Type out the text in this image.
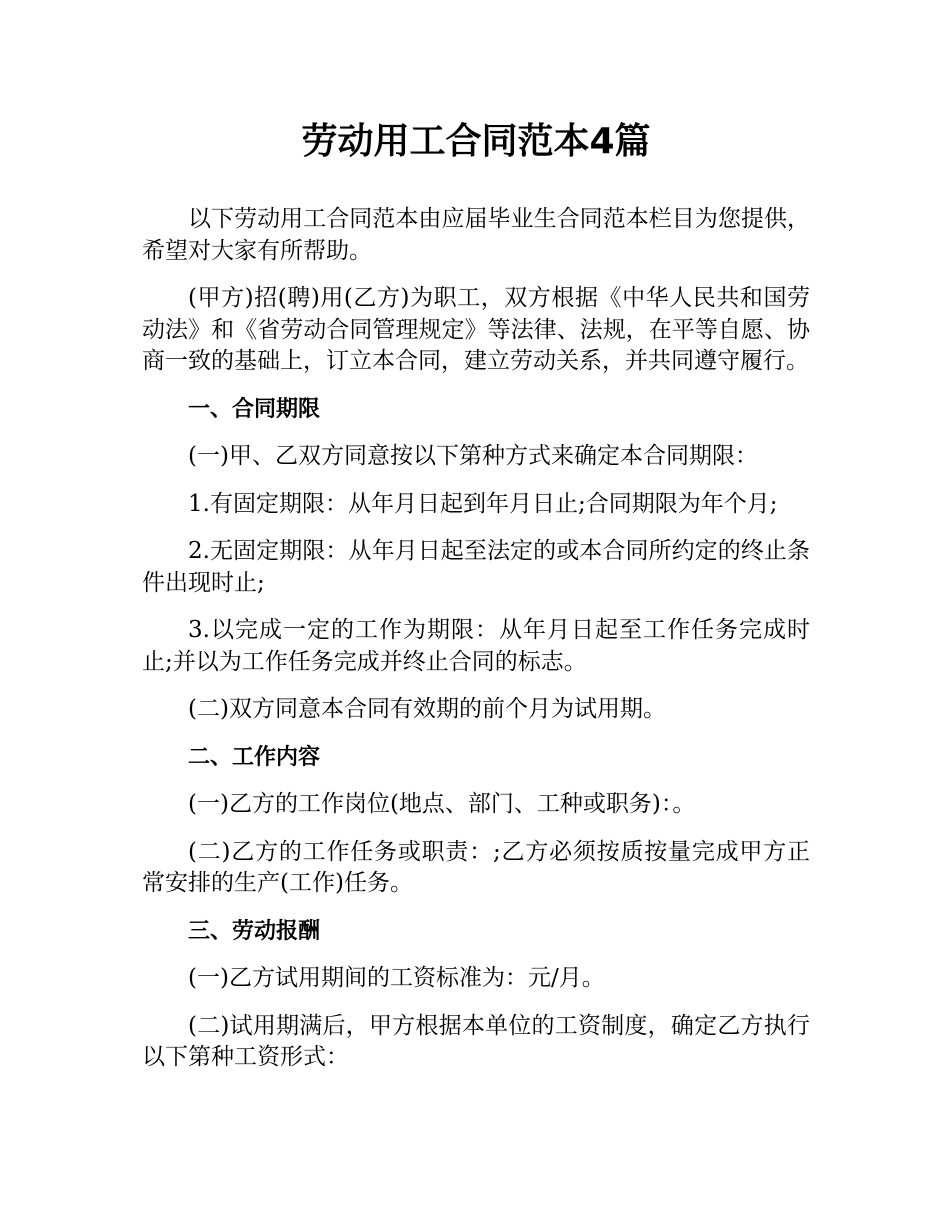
劳动用工合同范本4篇

以下劳动用工合同范本由应届毕业生合同范本栏目为您提供，希望对大家有所帮助。

(甲方)招(聘)用(乙方)为职工，双方根据《中华人民共和国劳动法》和《省劳动合同管理规定》等法律、法规，在平等自愿、协商一致的基础上，订立本合同，建立劳动关系，并共同遵守履行。

一、合同期限

(一)甲、乙双方同意按以下第种方式来确定本合同期限：

1.有固定期限：从年月日起到年月日止;合同期限为年个月;

2.无固定期限：从年月日起至法定的或本合同所约定的终止条件出现时止;

3.以完成一定的工作为期限：从年月日起至工作任务完成时止;并以为工作任务完成并终止合同的标志。

(二)双方同意本合同有效期的前个月为试用期。

二、工作内容

(一)乙方的工作岗位(地点、部门、工种或职务)：。

(二)乙方的工作任务或职责：;乙方必须按质按量完成甲方正常安排的生产(工作)任务。

三、劳动报酬

(一)乙方试用期间的工资标准为：元/月。

(二)试用期满后，甲方根据本单位的工资制度，确定乙方执行以下第种工资形式：
